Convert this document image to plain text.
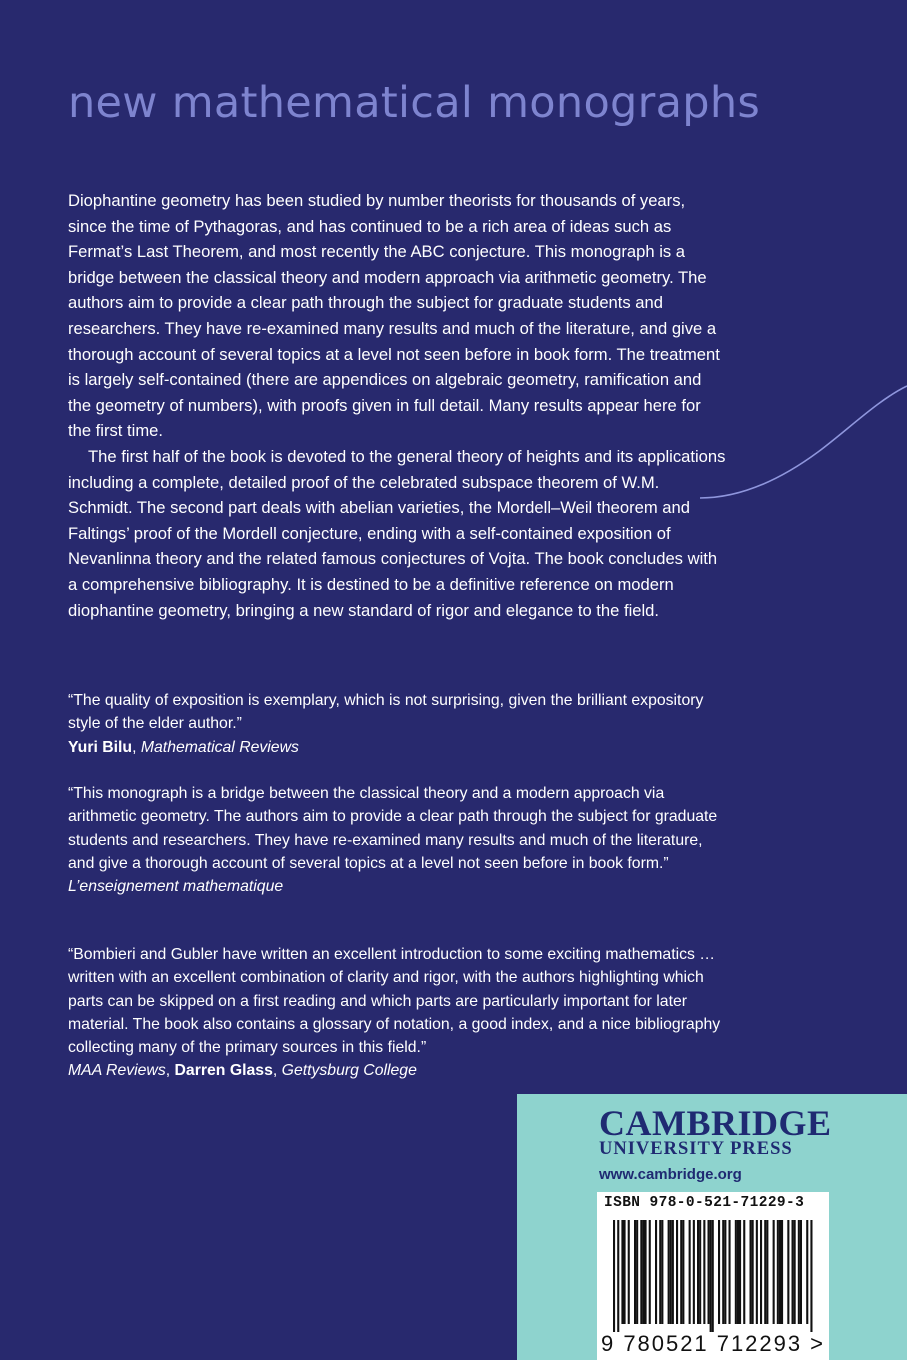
new mathematical monographs

Diophantine geometry has been studied by number theorists for thousands of years, since the time of Pythagoras, and has continued to be a rich area of ideas such as Fermat’s Last Theorem, and most recently the ABC conjecture. This monograph is a bridge between the classical theory and modern approach via arithmetic geometry. The authors aim to provide a clear path through the subject for graduate students and researchers. They have re-examined many results and much of the literature, and give a thorough account of several topics at a level not seen before in book form. The treatment is largely self-contained (there are appendices on algebraic geometry, ramification and the geometry of numbers), with proofs given in full detail. Many results appear here for the first time.

The first half of the book is devoted to the general theory of heights and its applications including a complete, detailed proof of the celebrated subspace theorem of W.M. Schmidt. The second part deals with abelian varieties, the Mordell–Weil theorem and Faltings’ proof of the Mordell conjecture, ending with a self-contained exposition of Nevanlinna theory and the related famous conjectures of Vojta. The book concludes with a comprehensive bibliography. It is destined to be a definitive reference on modern diophantine geometry, bringing a new standard of rigor and elegance to the field.

“The quality of exposition is exemplary, which is not surprising, given the brilliant expository style of the elder author.”
Yuri Bilu, Mathematical Reviews
“This monograph is a bridge between the classical theory and a modern approach via arithmetic geometry. The authors aim to provide a clear path through the subject for graduate students and researchers. They have re-examined many results and much of the literature, and give a thorough account of several topics at a level not seen before in book form.”
L’enseignement mathematique
“Bombieri and Gubler have written an excellent introduction to some exciting mathematics … written with an excellent combination of clarity and rigor, with the authors highlighting which parts can be skipped on a first reading and which parts are particularly important for later material. The book also contains a glossary of notation, a good index, and a nice bibliography collecting many of the primary sources in this field.”
MAA Reviews, Darren Glass, Gettysburg College
CAMBRIDGE
UNIVERSITY PRESS
www.cambridge.org
ISBN 978-0-521-71229-3
9 780521 712293 >
